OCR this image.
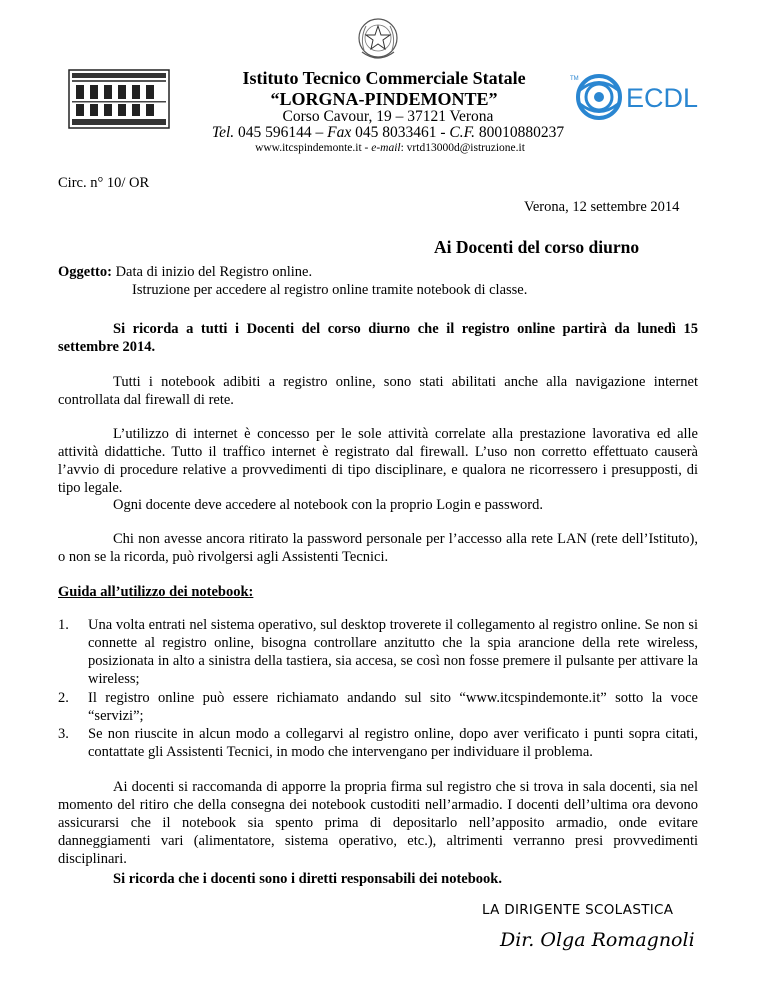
TM
ECDL
Istituto Tecnico Commerciale Statale
“LORGNA-PINDEMONTE”
Corso Cavour, 19 – 37121 Verona
Tel. 045 596144 – Fax 045 8033461 - C.F. 80010880237
www.itcspindemonte.it - e-mail: vrtd13000d@istruzione.it
Circ. n° 10/ OR
Verona, 12 settembre 2014
Ai Docenti del corso diurno
Oggetto: Data di inizio del Registro online.
Istruzione per accedere al registro online tramite notebook di classe.
Si ricorda a tutti i Docenti del corso diurno che il registro online partirà da lunedì 15 settembre 2014.
Tutti i notebook adibiti a registro online, sono stati abilitati anche alla navigazione internet controllata dal firewall di rete.
L’utilizzo di internet è concesso per le sole attività correlate alla prestazione lavorativa ed alle attività didattiche. Tutto il traffico internet è registrato dal firewall. L’uso non corretto effettuato causerà l’avvio di procedure relative a provvedimenti di tipo disciplinare, e qualora ne ricorressero i presupposti, di tipo legale.
Ogni docente deve accedere al notebook con la proprio Login e password.
Chi non avesse ancora ritirato la password personale per l’accesso alla rete LAN (rete dell’Istituto), o non se la ricorda, può rivolgersi agli Assistenti Tecnici.
Guida all’utilizzo dei notebook:
1. Una volta entrati nel sistema operativo, sul desktop troverete il collegamento al registro online. Se non si connette al registro online, bisogna controllare anzitutto che la spia arancione della rete wireless, posizionata in alto a sinistra della tastiera, sia accesa, se così non fosse premere il pulsante per attivare la wireless;
2. Il registro online può essere richiamato andando sul sito “www.itcspindemonte.it” sotto la voce “servizi”;
3. Se non riuscite in alcun modo a collegarvi al registro online, dopo aver verificato i punti sopra citati, contattate gli Assistenti Tecnici, in modo che intervengano per individuare il problema.
Ai docenti si raccomanda di apporre la propria firma sul registro che si trova in sala docenti, sia nel momento del ritiro che della consegna dei notebook custoditi nell’armadio. I docenti dell’ultima ora devono assicurarsi che il notebook sia spento prima di depositarlo nell’apposito armadio, onde evitare danneggiamenti vari (alimentatore, sistema operativo, etc.), altrimenti verranno presi provvedimenti disciplinari.
Si ricorda che i docenti sono i diretti responsabili dei notebook.
LA DIRIGENTE SCOLASTICA
Dir. Olga Romagnoli
